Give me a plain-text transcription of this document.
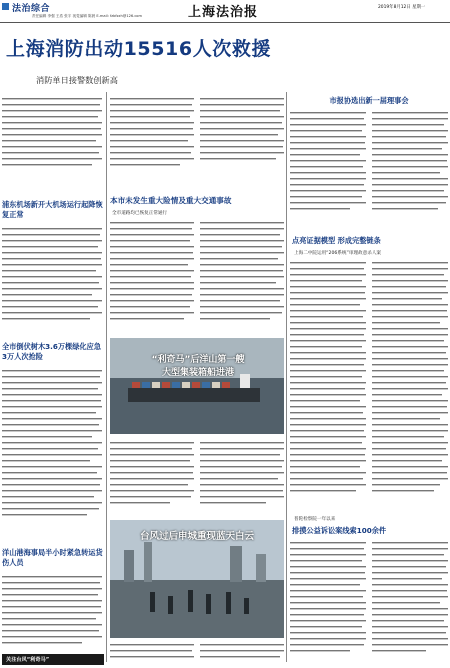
法治综合
责任编辑 李强 王浩 张宇 视觉编辑 陈晨 E-mail: fzbfzzh@126.com	上海法治报	2019年8月12日 星期一
上海消防出动15516人次救援
消防单日接警数创新高
浦东机场新开大机场运行起降恢复正常
全市倒伏树木3.6万棵绿化应急3万人次抢险
洋山港海事局半小时紧急转运货伤人员
关注台风“利奇马”
本市未发生重大险情及重大交通事故
全市道路均已恢复正常通行
“利奇马”后洋山第一艘大型集装箱船进港
台风过后申城重现蓝天白云
市报协选出新一届理事会
点亮证据模型 形成完整链条
上海二中院运用“206系统”审理故意杀人案
普陀检察院一年以来
排摸公益诉讼案线索100余件
